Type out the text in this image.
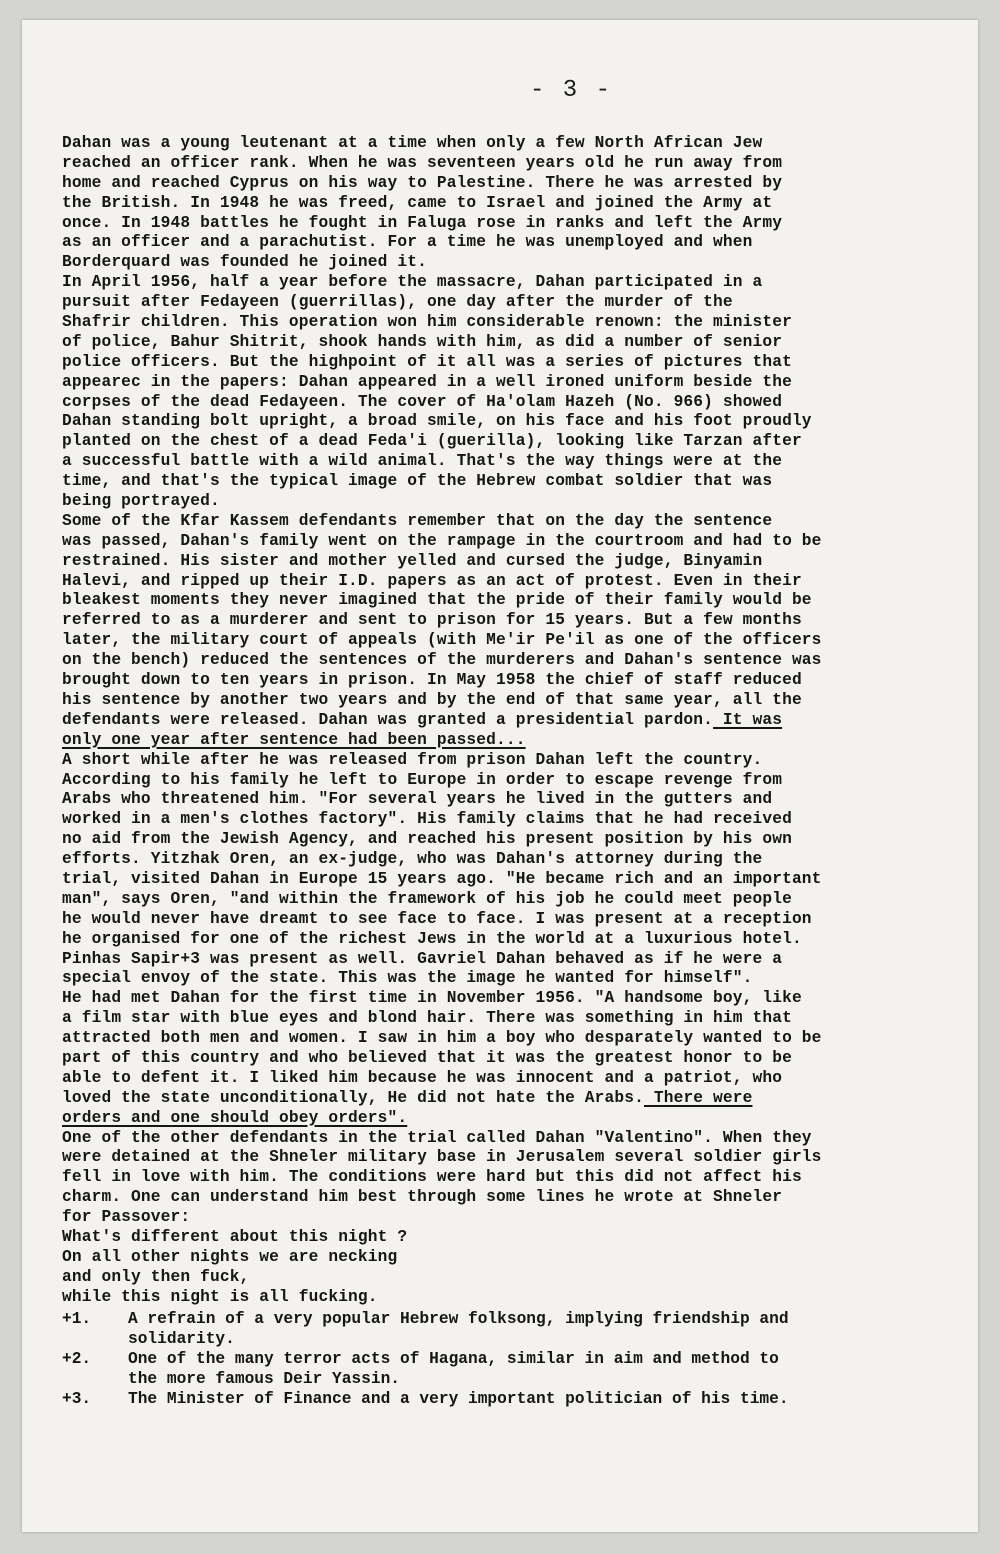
- 3 -
Dahan was a young leutenant at a time when only a few North African Jew
reached an officer rank. When he was seventeen years old he run away from
home and reached Cyprus on his way to Palestine. There he was arrested by
the British. In 1948 he was freed, came to Israel and joined the Army at
once. In 1948 battles he fought in Faluga rose in ranks and left the Army
as an officer and a parachutist. For a time he was unemployed and when
Borderquard was founded he joined it.
In April 1956, half a year before the massacre, Dahan participated in a
pursuit after Fedayeen (guerrillas), one day after the murder of the
Shafrir children. This operation won him considerable renown: the minister
of police, Bahur Shitrit, shook hands with him, as did a number of senior
police officers. But the highpoint of it all was a series of pictures that
appearec in the papers: Dahan appeared in a well ironed uniform beside the
corpses of the dead Fedayeen. The cover of Ha'olam Hazeh (No. 966) showed
Dahan standing bolt upright, a broad smile, on his face and his foot proudly
planted on the chest of a dead Feda'i (guerilla), looking like Tarzan after
a successful battle with a wild animal. That's the way things were at the
time, and that's the typical image of the Hebrew combat soldier that was
being portrayed.
Some of the Kfar Kassem defendants remember that on the day the sentence
was passed, Dahan's family went on the rampage in the courtroom and had to be
restrained. His sister and mother yelled and cursed the judge, Binyamin
Halevi, and ripped up their I.D. papers as an act of protest. Even in their
bleakest moments they never imagined that the pride of their family would be
referred to as a murderer and sent to prison for 15 years. But a few months
later, the military court of appeals (with Me'ir Pe'il as one of the officers
on the bench) reduced the sentences of the murderers and Dahan's sentence was
brought down to ten years in prison. In May 1958 the chief of staff reduced
his sentence by another two years and by the end of that same year, all the
defendants were released. Dahan was granted a presidential pardon. It was
only one year after sentence had been passed...
A short while after he was released from prison Dahan left the country.
According to his family he left to Europe in order to escape revenge from
Arabs who threatened him. "For several years he lived in the gutters and
worked in a men's clothes factory". His family claims that he had received
no aid from the Jewish Agency, and reached his present position by his own
efforts. Yitzhak Oren, an ex-judge, who was Dahan's attorney during the
trial, visited Dahan in Europe 15 years ago. "He became rich and an important
man", says Oren, "and within the framework of his job he could meet people
he would never have dreamt to see face to face. I was present at a reception
he organised for one of the richest Jews in the world at a luxurious hotel.
Pinhas Sapir+3 was present as well. Gavriel Dahan behaved as if he were a
special envoy of the state. This was the image he wanted for himself".
He had met Dahan for the first time in November 1956. "A handsome boy, like
a film star with blue eyes and blond hair. There was something in him that
attracted both men and women. I saw in him a boy who desparately wanted to be
part of this country and who believed that it was the greatest honor to be
able to defent it. I liked him because he was innocent and a patriot, who
loved the state unconditionally, He did not hate the Arabs. There were
orders and one should obey orders".
One of the other defendants in the trial called Dahan "Valentino". When they
were detained at the Shneler military base in Jerusalem several soldier girls
fell in love with him. The conditions were hard but this did not affect his
charm. One can understand him best through some lines he wrote at Shneler
for Passover:
What's different about this night ?
On all other nights we are necking
and only then fuck,
while this night is all fucking.
+1.	A refrain of a very popular Hebrew folksong, implying friendship and
solidarity.
+2.	One of the many terror acts of Hagana, similar in aim and method to
the more famous Deir Yassin.
+3.	The Minister of Finance and a very important politician of his time.
